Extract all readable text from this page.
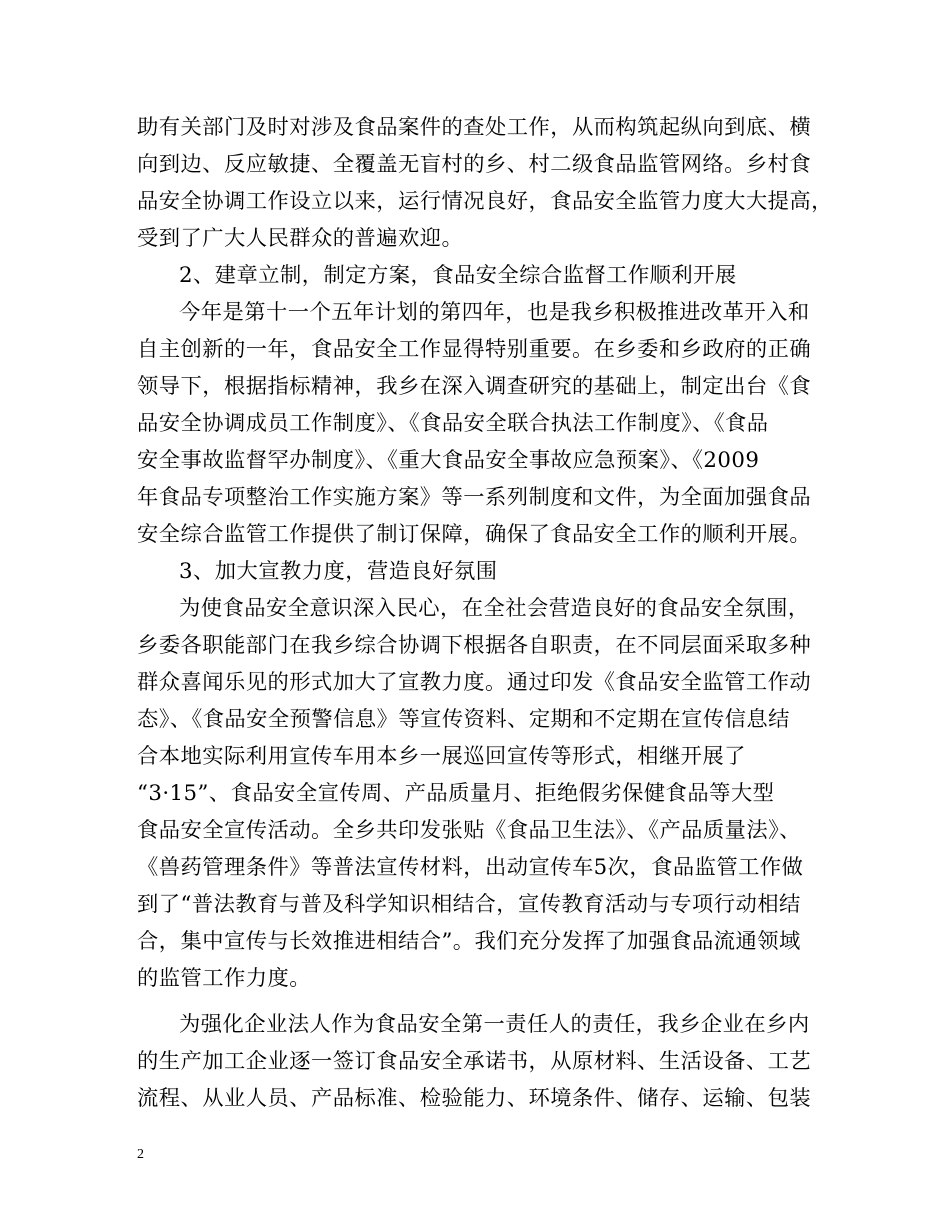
助有关部门及时对涉及食品案件的查处工作，从而构筑起纵向到底、横
向到边、反应敏捷、全覆盖无盲村的乡、村二级食品监管网络。乡村食
品安全协调工作设立以来，运行情况良好，食品安全监管力度大大提高，
受到了广大人民群众的普遍欢迎。
2、建章立制，制定方案，食品安全综合监督工作顺利开展
今年是第十一个五年计划的第四年，也是我乡积极推进改革开入和
自主创新的一年，食品安全工作显得特别重要。在乡委和乡政府的正确
领导下，根据指标精神，我乡在深入调查研究的基础上，制定出台《食
品安全协调成员工作制度》、《食品安全联合执法工作制度》、《食品
安全事故监督罕办制度》、《重大食品安全事故应急预案》、《2009
年食品专项整治工作实施方案》等一系列制度和文件，为全面加强食品
安全综合监管工作提供了制订保障，确保了食品安全工作的顺利开展。
3、加大宣教力度，营造良好氛围
为使食品安全意识深入民心，在全社会营造良好的食品安全氛围，
乡委各职能部门在我乡综合协调下根据各自职责，在不同层面采取多种
群众喜闻乐见的形式加大了宣教力度。通过印发《食品安全监管工作动
态》、《食品安全预警信息》等宣传资料、定期和不定期在宣传信息结
合本地实际利用宣传车用本乡一展巡回宣传等形式，相继开展了
“3·15”、食品安全宣传周、产品质量月、拒绝假劣保健食品等大型
食品安全宣传活动。全乡共印发张贴《食品卫生法》、《产品质量法》、
《兽药管理条件》等普法宣传材料，出动宣传车5次，食品监管工作做
到了“普法教育与普及科学知识相结合，宣传教育活动与专项行动相结
合，集中宣传与长效推进相结合”。我们充分发挥了加强食品流通领域
的监管工作力度。
为强化企业法人作为食品安全第一责任人的责任，我乡企业在乡内
的生产加工企业逐一签订食品安全承诺书，从原材料、生活设备、工艺
流程、从业人员、产品标准、检验能力、环境条件、储存、运输、包装
2
